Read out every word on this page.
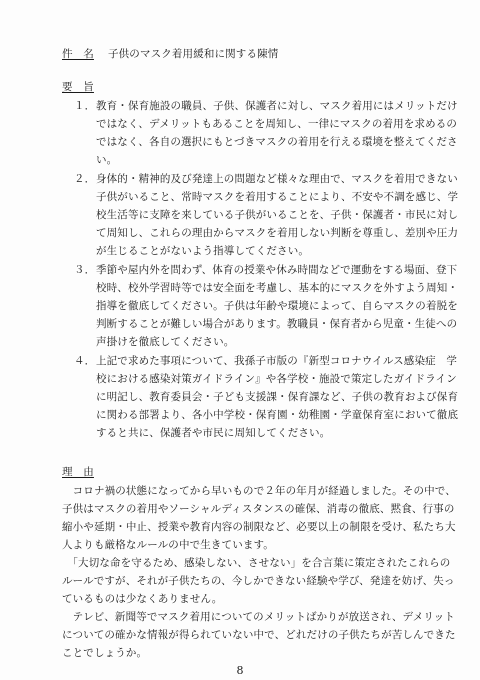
件　名 子供のマスク着用緩和に関する陳情
要　旨
１． 教育・保育施設の職員、子供、保護者に対し、マスク着用にはメリットだけ
ではなく、デメリットもあることを周知し、一律にマスクの着用を求めるの
ではなく、各自の選択にもとづきマスクの着用を行える環境を整えてくださ
い。
２． 身体的・精神的及び発達上の問題など様々な理由で、マスクを着用できない
子供がいること、常時マスクを着用することにより、不安や不調を感じ、学
校生活等に支障を来している子供がいることを、子供・保護者・市民に対し
て周知し、これらの理由からマスクを着用しない判断を尊重し、差別や圧力
が生じることがないよう指導してください。
３． 季節や屋内外を問わず、体育の授業や休み時間などで運動をする場面、登下
校時、校外学習時等では安全面を考慮し、基本的にマスクを外すよう周知・
指導を徹底してください。子供は年齢や環境によって、自らマスクの着脱を
判断することが難しい場合があります。教職員・保育者から児童・生徒への
声掛けを徹底してください。
４． 上記で求めた事項について、我孫子市版の『新型コロナウイルス感染症　学
校における感染対策ガイドライン』や各学校・施設で策定したガイドライン
に明記し、教育委員会・子ども支援課・保育課など、子供の教育および保育
に関わる部署より、各小中学校・保育園・幼稚園・学童保育室において徹底
すると共に、保護者や市民に周知してください。
理　由
　コロナ禍の状態になってから早いもので２年の年月が経過しました。その中で、
子供はマスクの着用やソーシャルディスタンスの確保、消毒の徹底、黙食、行事の
縮小や延期・中止、授業や教育内容の制限など、必要以上の制限を受け、私たち大
人よりも厳格なルールの中で生きています。
　「大切な命を守るため、感染しない、させない」を合言葉に策定されたこれらの
ルールですが、それが子供たちの、今しかできない経験や学び、発達を妨げ、失っ
ているものは少なくありません。
　テレビ、新聞等でマスク着用についてのメリットばかりが放送され、デメリット
についての確かな情報が得られていない中で、どれだけの子供たちが苦しんできた
ことでしょうか。
8
